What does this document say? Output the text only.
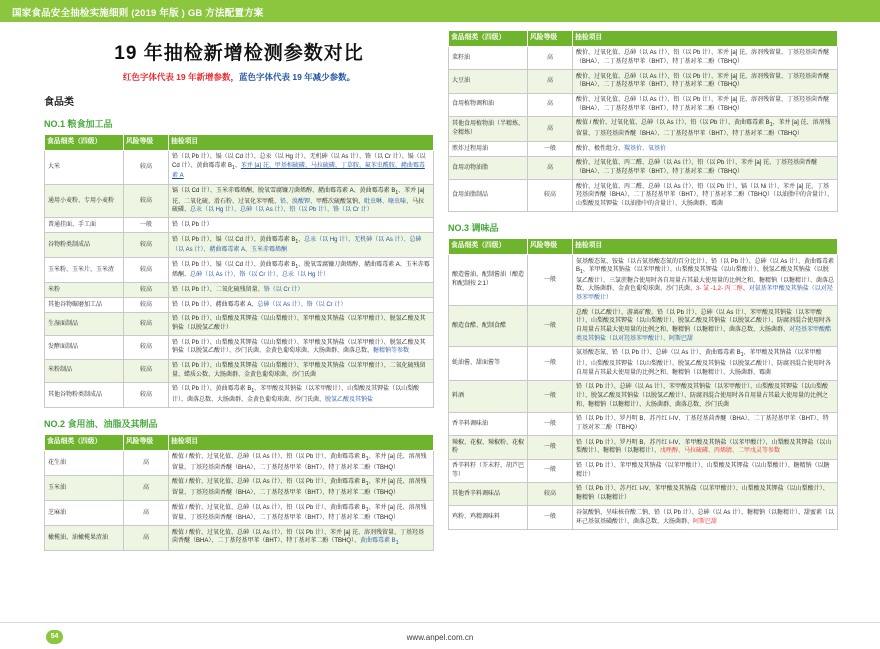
国家食品安全抽检实施细则 (2019 年版 ) GB 方法配置方案
19 年抽检新增检测参数对比
红色字体代表 19 年新增参数，蓝色字体代表 19 年减少参数。
食品类
NO.1 粮食加工品
食品细类（四级）	风险等级	抽检项目
大米	较高	铅（以 Pb 计）、镉（以 Cd 计）、总汞（以 Hg 计）、无机砷（以 As 计）、铬（以 Cr 计）、镉（以 Cd 计）、黄曲霉毒素 $B_1$、苯并 [a] 芘、甲基相硫磷、马拉硫磷、丁草胺、氟苯虫酰胺、赭曲霉毒素 A
通用小麦粉、专用小麦粉	较高	镉（以 Cd 计）、玉米赤霉烯酮、脱氧雪腐镰刀菌烯醇、赭曲霉毒素 A、黄曲霉毒素 $B_1$、苯并 [a] 芘、二氧化硫、滑石粉、过氧化苯甲酰、铅、溴酸钾、甲醛次硫酸氢钠、吡虫啉、噻虫嗪、马拉硫磷、总汞（以 Hg 计）、总砷（以 As 计）、铅（以 Pb 计）、铬（以 Cr 计）
普通挂面、手工面	一般	铅（以 Pb 计）
谷物粉类制成品	较高	铅（以 Pb 计）、镉（以 Cd 计）、黄曲霉毒素 $B_1$、总汞（以 Hg 计）、无机砷（以 As 计）、总砷（以 As 计）、赭曲霉毒素 A、玉米赤霉烯酮
玉米粉、玉米片、玉米渣	较高	铅（以 Pb 计）、镉（以 Cd 计）、黄曲霉毒素 $B_1$、脱氧雪腐镰刀菌烯醇、赭曲霉毒素 A、玉米赤霉烯酮、总砷（以 As 计）、铬（以 Cr 计）、总汞（以 Hg 计）
米粉	较高	铅（以 Pb 计）、二氧化硫残留量、铬（以 Cr 计）
其他谷物碾磨加工品	较高	铅（以 Pb 计）、赭曲霉毒素 A、总砷（以 As 计）、铬（以 Cr 计）
生湿面制品	较高	铅（以 Pb 计）、山梨酸及其钾盐（以山梨酸计）、苯甲酸及其钠盐（以苯甲酸计）、脱氢乙酸及其钠盐（以脱氢乙酸计）
发酵面制品	较高	铅（以 Pb 计）、山梨酸及其钾盐（以山梨酸计）、苯甲酸及其钠盐（以苯甲酸计）、脱氢乙酸及其钠盐（以脱氢乙酸计）、沙门氏菌、金黄色葡萄球菌、大肠菌群、菌落总数、糖精钠等参数
米粉制品	较高	铅（以 Pb 计）、山梨酸及其钾盐（以山梨酸计）、苯甲酸及其钠盐（以苯甲酸计）、二氧化硫残留量、蜡质公数、大肠菌群、金黄色葡萄球菌、沙门氏菌
其他谷物粉类制成品	较高	铅（以 Pb 计）、黄曲霉毒素 $B_1$、苯甲酸及其钠盐（以苯甲酸计）、山梨酸及其钾盐（以山梨酸计）、菌落总数、大肠菌群、金黄色葡萄球菌、沙门氏菌、脱氢乙酸及其钠盐
NO.2 食用油、油脂及其制品
食品细类（四级）	风险等级	抽检项目
花生油	高	酸值 / 酸价、过氧化值、总砷（以 As 计）、铅（以 Pb 计）、黄曲霉毒素 $B_1$、苯并 [a] 芘、溶剂残留量、丁基羟基茴香醚（BHA）、二丁基羟基甲苯（BHT）、特丁基对苯二酚（TBHQ）
玉米油	高	酸值 / 酸价、过氧化值、总砷（以 As 计）、铅（以 Pb 计）、黄曲霉毒素 $B_1$、苯并 [a] 芘、溶剂残留量、丁基羟基茴香醚（BHA）、二丁基羟基甲苯（BHT）、特丁基对苯二酚（TBHQ）
芝麻油	高	酸值 / 酸价、过氧化值、总砷（以 As 计）、铅（以 Pb 计）、黄曲霉毒素 $B_1$、苯并 [a] 芘、溶剂残留量、丁基羟基茴香醚（BHA）、二丁基羟基甲苯（BHT）、特丁基对苯二酚（TBHQ）
橄榄油、油橄榄果渣油	高	酸值 / 酸价、过氧化值、总砷（以 As 计）、铅（以 Pb 计）、苯并 [a] 芘、溶剂残留量、丁基羟基茴香醚（BHA）、二丁基羟基甲苯（BHT）、特丁基对苯二酚（TBHQ）、黄曲霉毒素 $B_1$
食品细类（四级）	风险等级	抽检项目
菜籽油	高	酸价、过氧化值、总砷（以 As 计）、铅（以 Pb 计）、苯并 [a] 芘、溶剂残留量、丁基羟基茴香醚（BHA）、二丁基羟基甲苯（BHT）、特丁基对苯二酚（TBHQ）
大豆油	高	酸价、过氧化值、总砷（以 As 计）、铅（以 Pb 计）、苯并 [a] 芘、溶剂残留量、丁基羟基茴香醚（BHA）、二丁基羟基甲苯（BHT）、特丁基对苯二酚（TBHQ）
食用植物调和油	高	酸价、过氧化值、总砷（以 As 计）、铅（以 Pb 计）、苯并 [a] 芘、溶剂残留量、丁基羟基茴香醚（BHA）、二丁基羟基甲苯（BHT）、特丁基对苯二酚（TBHQ）
其他食用植物油（半精炼、全精炼）	高	酸值 / 酸价、过氧化值、总砷（以 As 计）、铅（以 Pb 计）、黄曲霉毒素 $B_1$、苯并 [a] 芘、溶剂残留量、丁基羟基茴香醚（BHA）、二丁基羟基甲苯（BHT）、特丁基对苯二酚（TBHQ）
煎炸过程用油	一般	酸价、极性组分、羰基价、氧基价
食用动物油脂	高	酸价、过氧化值、丙二醛、总砷（以 As 计）、铅（以 Pb 计）、苯并 [a] 芘、丁基羟基茴香醚（BHA）、二丁基羟基甲苯（BHT）、特丁基对苯二酚（TBHQ）
食用油脂制品	较高	酸价、过氧化值、丙二醛、总砷（以 As 计）、铅（以 Pb 计）、镉（以 Ni 计）、苯并 [a] 芘、丁基羟基茴香醚（BHA）、二丁基羟基甲苯（BHT）、特丁基对苯二酚（TBHQ）（以油脂中的含量计）、山梨酸及其钾盐（以油脂中的含量计）、大肠菌群、霉菌
NO.3 调味品
食品细类（四级）	风险等级	抽检项目
酿造酱油、配制酱油（酿造和配制按 2:1）	一般	氨基酸态氮、铵盐（以占氨基酸态氮的百分比计）、铅（以 Pb 计）、总砷（以 As 计）、黄曲霉毒素 $B_1$、苯甲酸及其钠盐（以苯甲酸计）、山梨酸及其钾盐（以山梨酸计）、脱氢乙酸及其钠盐（以脱氢乙酸计）、三氯蔗糖合使用时各自用量占其最大使用量的比例之和、糖精钠（以糖精计）、菌落总数、大肠菌群、金黄色葡萄球菌、沙门氏菌、3- 氯 -1,2- 丙二醇、对氨基苯甲酸及其钠盐（以对羟基苯甲酸计）
酿造食醋、配制食醋	一般	总酸（以乙酸计）、游离矿酸、铅（以 Pb 计）、总砷（以 As 计）、苯甲酸及其钠盐（以苯甲酸计）、山梨酸及其钾盐（以山梨酸计）、脱氢乙酸及其钠盐（以脱氢乙酸计）、防腐剂混合使用时各自用量占其最大使用量的比例之和、糖精钠（以糖精计）、菌落总数、大肠菌群、对羟基苯甲酸酯类及其钠盐（以对羟基苯甲酸计）、阿斯巴甜
蚝油酱、甜面酱等	一般	氨基酸态氮、铅（以 Pb 计）、总砷（以 As 计）、黄曲霉毒素 $B_1$、苯甲酸及其钠盐（以苯甲酸计）、山梨酸及其钾盐（以山梨酸计）、脱氢乙酸及其钠盐（以脱氢乙酸计）、防腐剂混合使用时各自用量占其最大使用量的比例之和、糖精钠（以糖精计）、大肠菌群、霉菌
料酒	一般	铅（以 Pb 计）、总砷（以 As 计）、苯甲酸及其钠盐（以苯甲酸计）、山梨酸及其钾盐（以山梨酸计）、脱氢乙酸及其钠盐（以脱氢乙酸计）、防腐剂混合使用时各自用量占其最大使用量的比例之和、糖精钠（以糖精计）、大肠菌群、菌落总数、沙门氏菌
香辛料调味油	一般	铅（以 Pb 计）、罗丹明 B、苏丹红 I-IV、丁基羟基茴香醚（BHA）、二丁基羟基甲苯（BHT）、特丁基对苯二酚（TBHQ）
辣椒、花椒、辣椒粉、花椒粉	一般	铅（以 Pb 计）、罗丹明 B、苏丹红 I-IV、苯甲酸及其钠盐（以苯甲酸计）、山梨酸及其钾盐（以山梨酸计）、糖精钠（以糖精计）、戊唑醇、马拉硫磷、丙烯腈、二甲戊灵等参数
香辛料籽（芥末籽、胡芦巴等）	一般	铅（以 Pb 计）、苯甲酸及其钠盐（以苯甲酸计）、山梨酸及其钾盐（以山梨酸计）、糖精钠（以糖精计）
其他香辛料调味品	较高	铅（以 Pb 计）、苏丹红 I-IV、苯甲酸及其钠盐（以苯甲酸计）、山梨酸及其钾盐（以山梨酸计）、糖精钠（以糖精计）
鸡粉、鸡精调味料	一般	谷氨酸钠、呈味核苷酸二钠、铅（以 Pb 计）、总砷（以 As 计）、糖精钠（以糖精计）、甜蜜素（以环己基氨基磺酸计）、菌落总数、大肠菌群、阿斯巴甜
54	www.anpel.com.cn
